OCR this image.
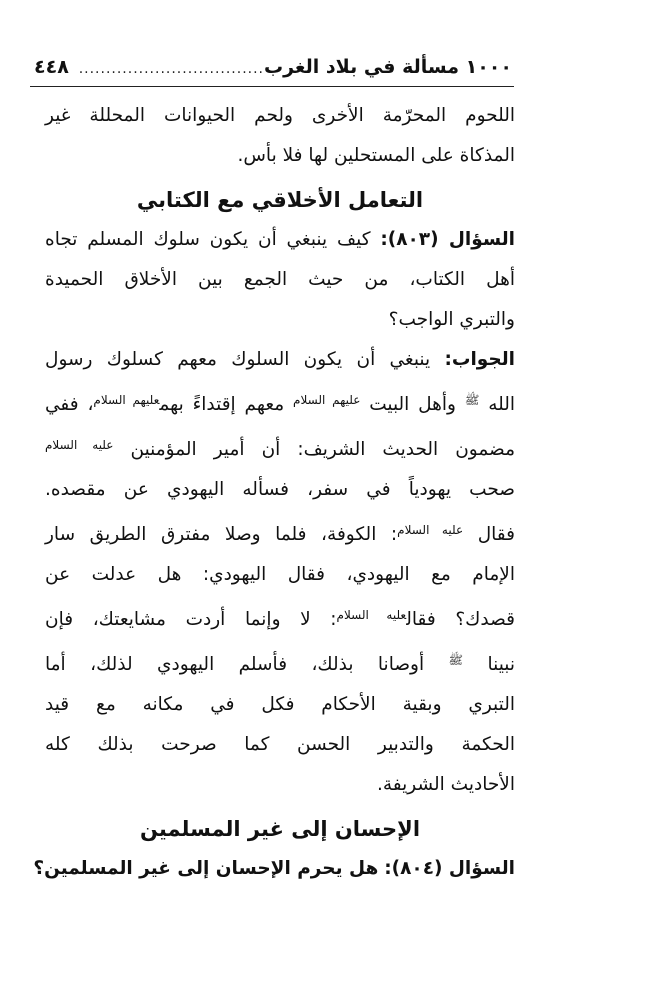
١٠٠٠ مسألة في بلاد الغرب
..................................
٤٤٨

اللحوم المحرّمة الأخرى ولحم الحيوانات المحللة غير
المذكاة على المستحلين لها فلا بأس.

التعامل الأخلاقي مع الكتابي

السؤال (٨٠٣): كيف ينبغي أن يكون سلوك المسلم تجاه
أهل الكتاب، من حيث الجمع بين الأخلاق الحميدة
والتبري الواجب؟

الجواب: ينبغي أن يكون السلوك معهم كسلوك رسول
الله $^ﷺ$ وأهل البيت $^{عليهم السلام}$ معهم إقتداءً بهم$^{عليهم السلام}$، ففي
مضمون الحديث الشريف: أن أمير المؤمنين $^{عليه السلام}$
صحب يهودياً في سفر، فسأله اليهودي عن مقصده.
فقال $^{عليه السلام}$: الكوفة، فلما وصلا مفترق الطريق سار
الإمام مع اليهودي، فقال اليهودي: هل عدلت عن
قصدك؟ فقال$^{عليه السلام}$: لا وإنما أردت مشايعتك، فإن
نبينا $^ﷺ$ أوصانا بذلك، فأسلم اليهودي لذلك، أما
التبري وبقية الأحكام فكل في مكانه مع قيد
الحكمة والتدبير الحسن كما صرحت بذلك كله
الأحاديث الشريفة.

الإحسان إلى غير المسلمين

السؤال (٨٠٤): هل يحرم الإحسان إلى غير المسلمين؟
